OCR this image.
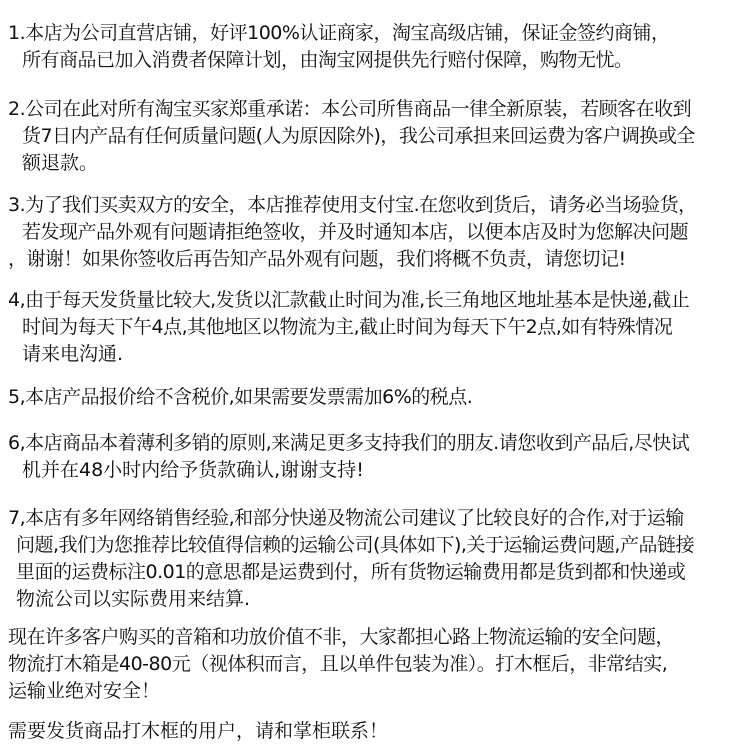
1.本店为公司直营店铺，好评100%认证商家，淘宝高级店铺，保证金签约商铺，
所有商品已加入消费者保障计划，由淘宝网提供先行赔付保障，购物无忧。
2.公司在此对所有淘宝买家郑重承诺：本公司所售商品一律全新原装，若顾客在收到
货7日内产品有任何质量问题(人为原因除外)，我公司承担来回运费为客户调换或全
额退款。
3.为了我们买卖双方的安全，本店推荐使用支付宝.在您收到货后，请务必当场验货，
若发现产品外观有问题请拒绝签收，并及时通知本店，以便本店及时为您解决问题
，谢谢！如果你签收后再告知产品外观有问题，我们将概不负责，请您切记!
4,由于每天发货量比较大,发货以汇款截止时间为准,长三角地区地址基本是快递,截止
时间为每天下午4点,其他地区以物流为主,截止时间为每天下午2点,如有特殊情况
请来电沟通.
5,本店产品报价给不含税价,如果需要发票需加6%的税点.
6,本店商品本着薄利多销的原则,来满足更多支持我们的朋友.请您收到产品后,尽快试
机并在48小时内给予货款确认,谢谢支持!
7,本店有多年网络销售经验,和部分快递及物流公司建议了比较良好的合作,对于运输
问题,我们为您推荐比较值得信赖的运输公司(具体如下),关于运输运费问题,产品链接
里面的运费标注0.01的意思都是运费到付，所有货物运输费用都是货到都和快递或
物流公司以实际费用来结算.
现在许多客户购买的音箱和功放价值不非，大家都担心路上物流运输的安全问题，
物流打木箱是40-80元（视体积而言，且以单件包装为准）。打木框后，非常结实,
运输业绝对安全！
需要发货商品打木框的用户，请和掌柜联系！
